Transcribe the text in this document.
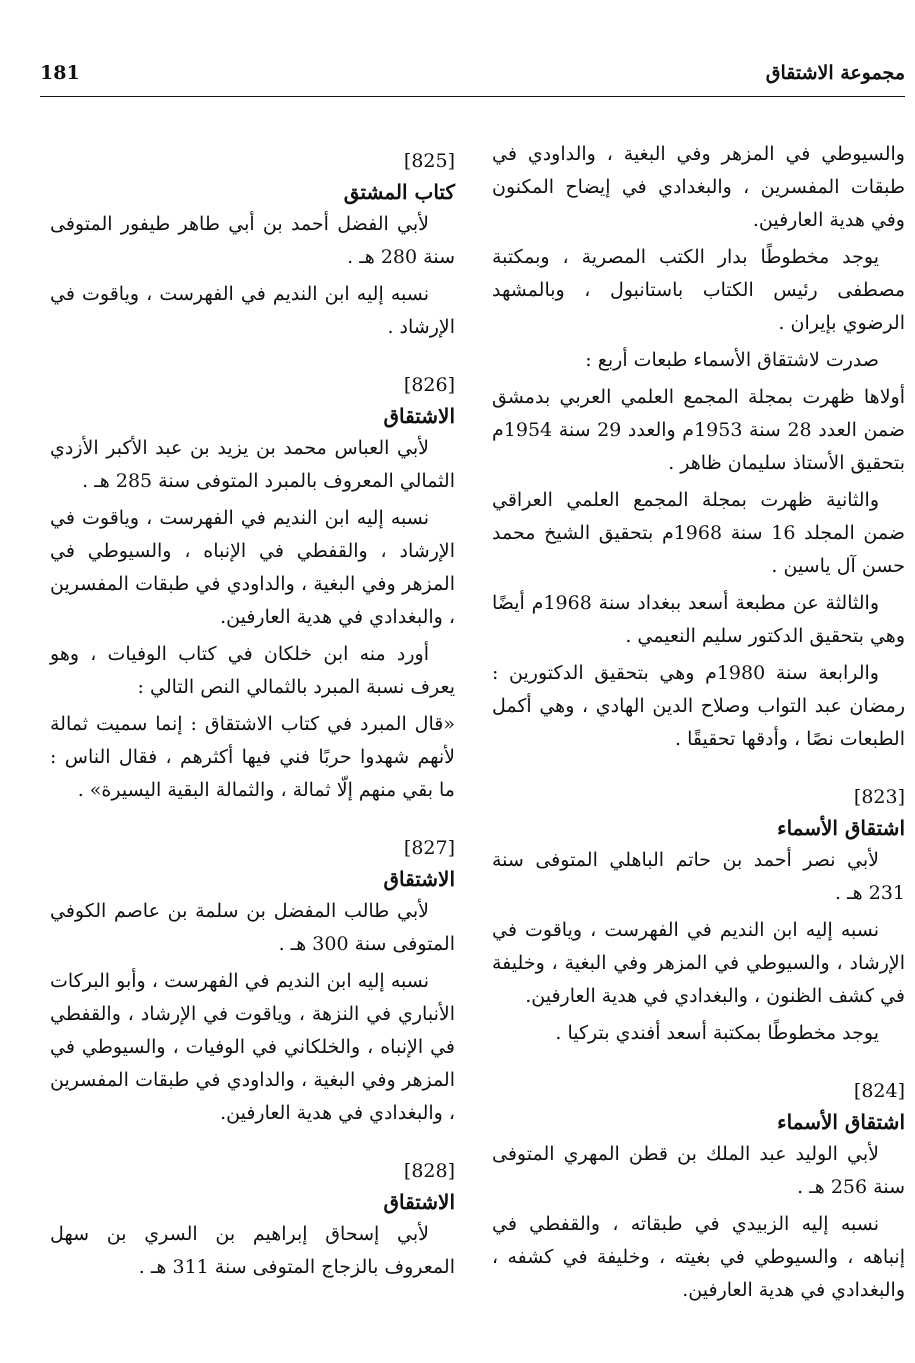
181	مجموعة الاشتقاق

والسيوطي في المزهر وفي البغية ، والداودي في طبقات المفسرين ، والبغدادي في إيضاح المكنون وفي هدية العارفين.

يوجد مخطوطًا بدار الكتب المصرية ، وبمكتبة مصطفى رئيس الكتاب باستانبول ، وبالمشهد الرضوي بإيران .

صدرت لاشتقاق الأسماء طبعات أربع :

أولاها ظهرت بمجلة المجمع العلمي العربي بدمشق ضمن العدد 28 سنة 1953م والعدد 29 سنة 1954م بتحقيق الأستاذ سليمان ظاهر .

والثانية ظهرت بمجلة المجمع العلمي العراقي ضمن المجلد 16 سنة 1968م بتحقيق الشيخ محمد حسن آل ياسين .

والثالثة عن مطبعة أسعد ببغداد سنة 1968م أيضًا وهي بتحقيق الدكتور سليم النعيمي .

والرابعة سنة 1980م وهي بتحقيق الدكتورين : رمضان عبد التواب وصلاح الدين الهادي ، وهي أكمل الطبعات نصًا ، وأدقها تحقيقًا .

[823]
اشتقاق الأسماء

لأبي نصر أحمد بن حاتم الباهلي المتوفى سنة 231 هـ .

نسبه إليه ابن النديم في الفهرست ، وياقوت في الإرشاد ، والسيوطي في المزهر وفي البغية ، وخليفة في كشف الظنون ، والبغدادي في هدية العارفين.

يوجد مخطوطًا بمكتبة أسعد أفندي بتركيا .

[824]
اشتقاق الأسماء

لأبي الوليد عبد الملك بن قطن المهري المتوفى سنة 256 هـ .

نسبه إليه الزبيدي في طبقاته ، والقفطي في إنباهه ، والسيوطي في بغيته ، وخليفة في كشفه ، والبغدادي في هدية العارفين.

[825]
كتاب المشتق

لأبي الفضل أحمد بن أبي طاهر طيفور المتوفى سنة 280 هـ .

نسبه إليه ابن النديم في الفهرست ، وياقوت في الإرشاد .

[826]
الاشتقاق

لأبي العباس محمد بن يزيد بن عبد الأكبر الأزدي الثمالي المعروف بالمبرد المتوفى سنة 285 هـ .

نسبه إليه ابن النديم في الفهرست ، وياقوت في الإرشاد ، والقفطي في الإنباه ، والسيوطي في المزهر وفي البغية ، والداودي في طبقات المفسرين ، والبغدادي في هدية العارفين.

أورد منه ابن خلكان في كتاب الوفيات ، وهو يعرف نسبة المبرد بالثمالي النص التالي :

«قال المبرد في كتاب الاشتقاق : إنما سميت ثمالة لأنهم شهدوا حربًا فني فيها أكثرهم ، فقال الناس : ما بقي منهم إلّا ثمالة ، والثمالة البقية اليسيرة» .

[827]
الاشتقاق

لأبي طالب المفضل بن سلمة بن عاصم الكوفي المتوفى سنة 300 هـ .

نسبه إليه ابن النديم في الفهرست ، وأبو البركات الأنباري في النزهة ، وياقوت في الإرشاد ، والقفطي في الإنباه ، والخلكاني في الوفيات ، والسيوطي في المزهر وفي البغية ، والداودي في طبقات المفسرين ، والبغدادي في هدية العارفين.

[828]
الاشتقاق

لأبي إسحاق إبراهيم بن السري بن سهل المعروف بالزجاج المتوفى سنة 311 هـ .
